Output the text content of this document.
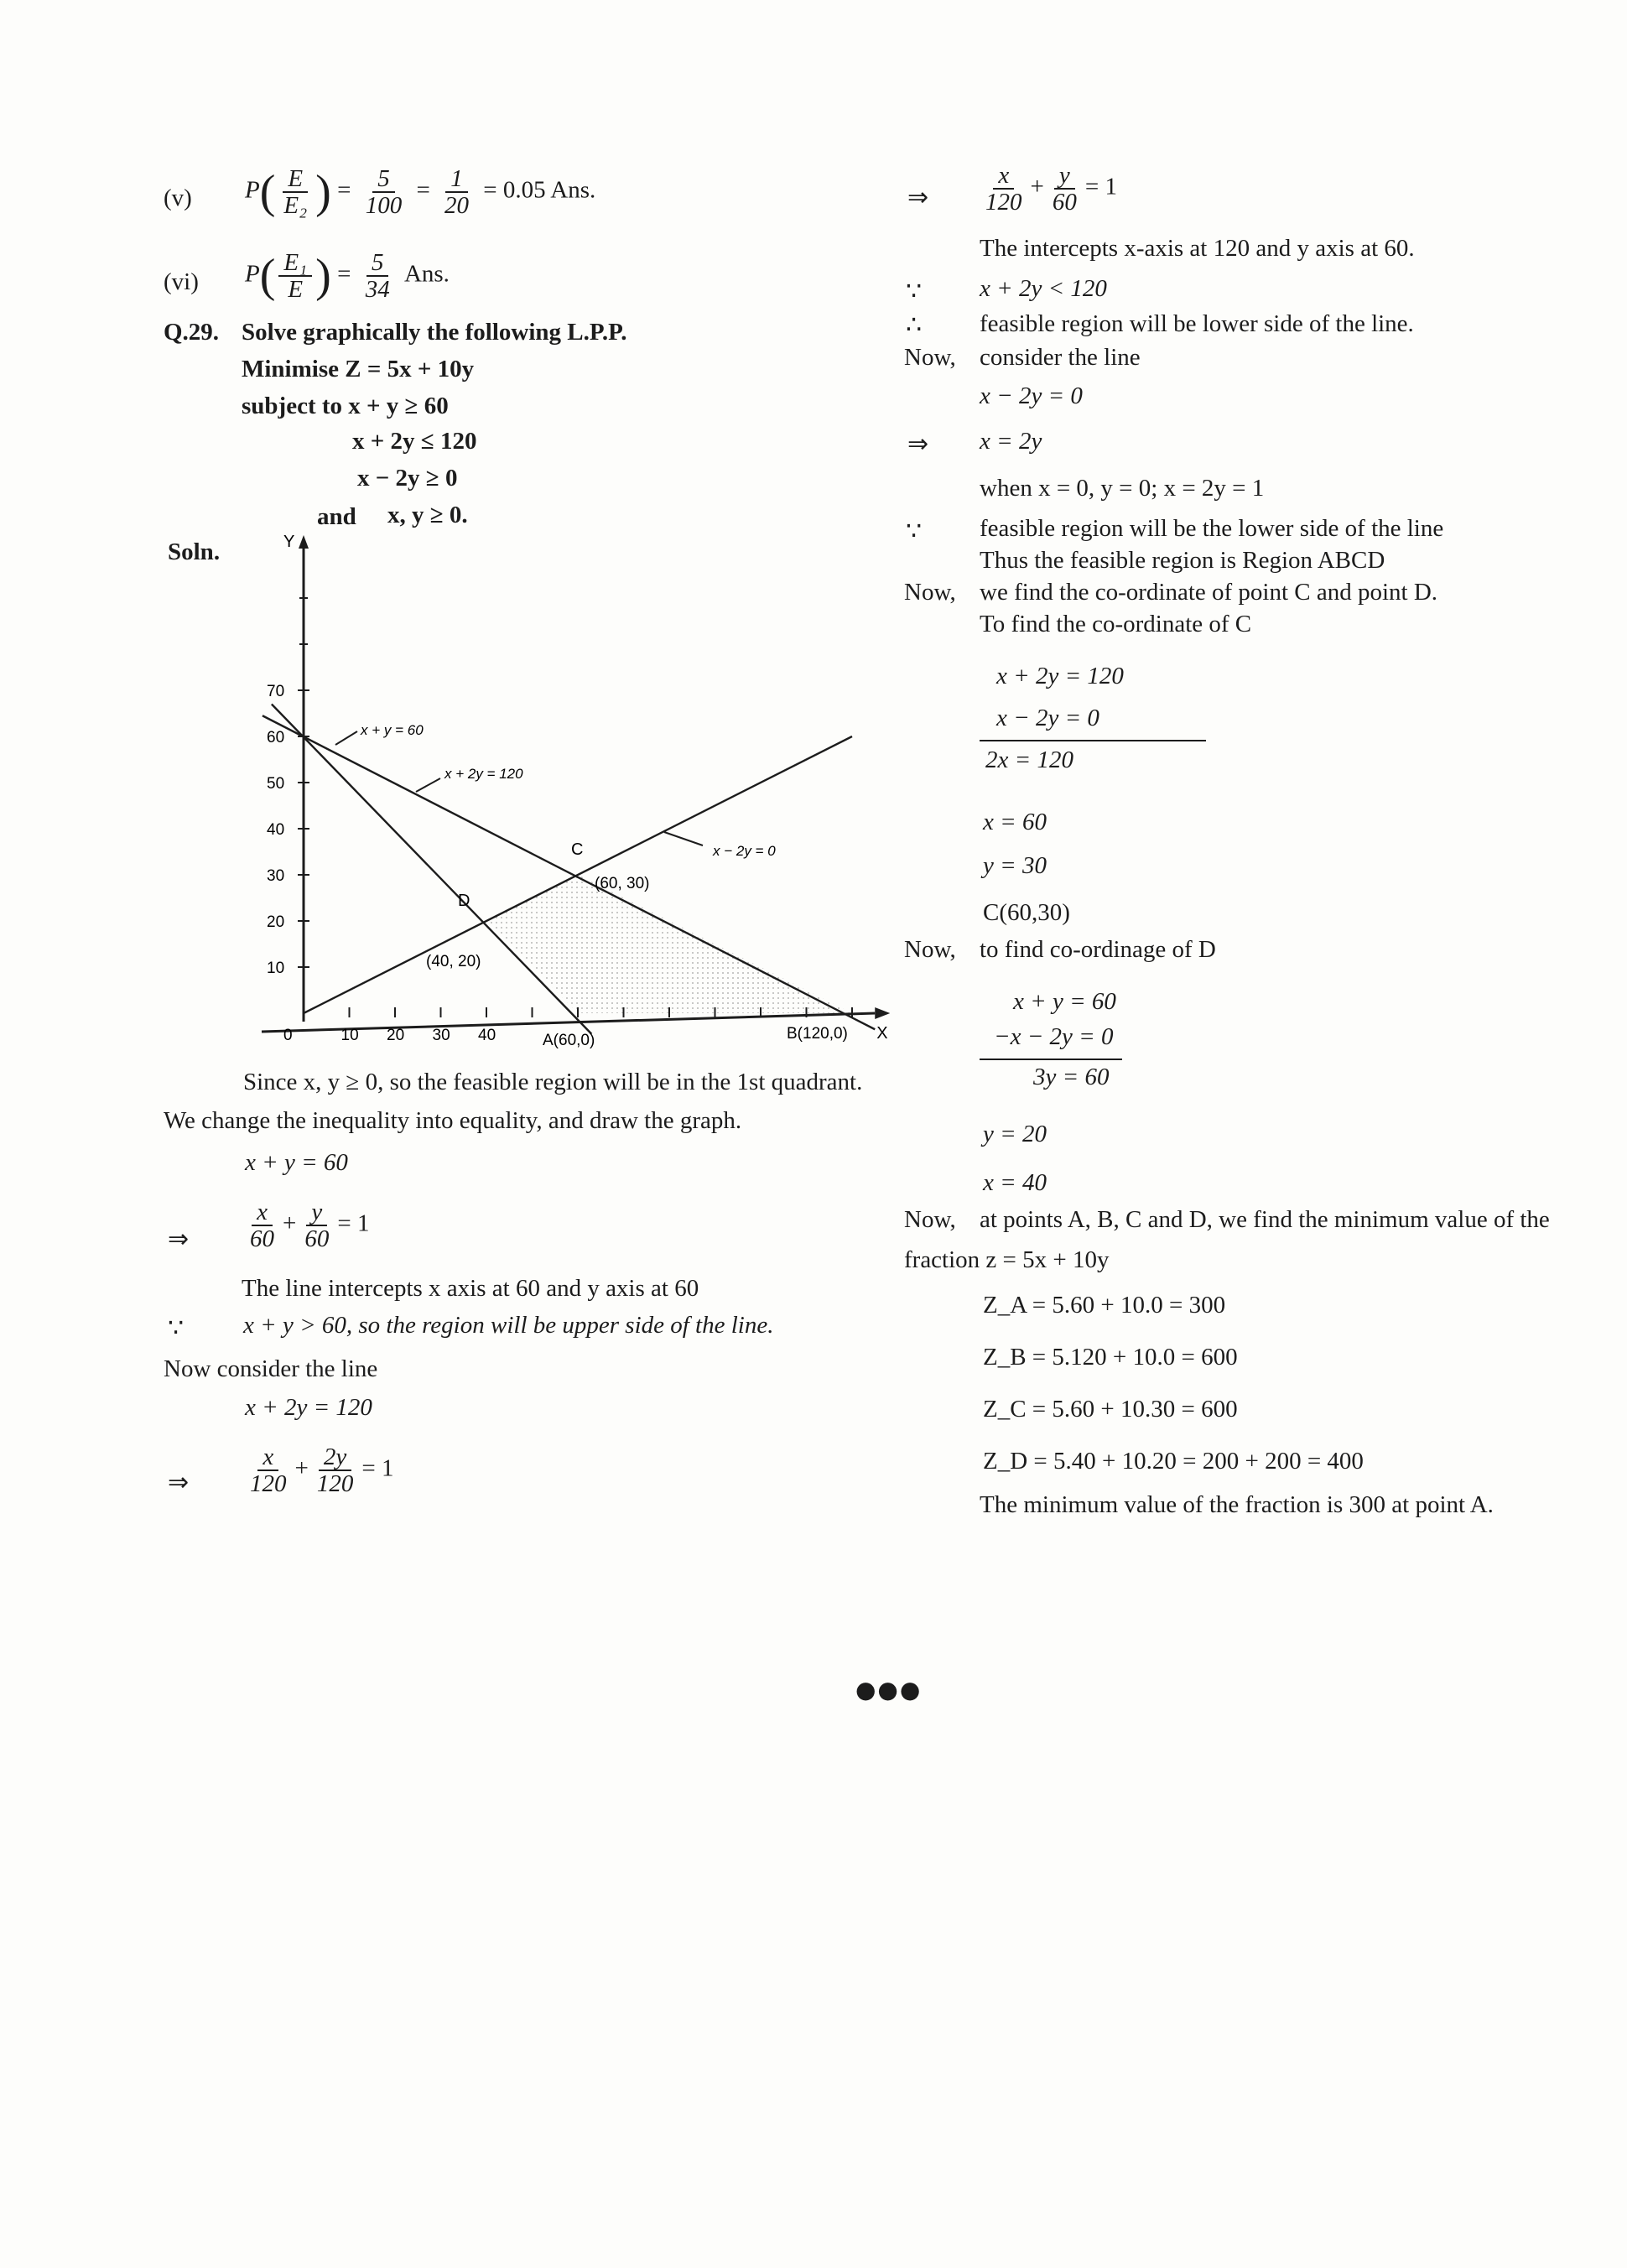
(v) $P( \frac{E}{\text{E₂}}$ ) = $\frac{5}{100} = \frac{1}{20} = 0.05$ Ans.
(vi) $P( \frac{\text{E₁}}{E}$ ) = $\frac{5}{34}$ Ans.
Q.29. Solve graphically the following L.P.P.
Minimise Z = 5x + 10y
subject to x + y ≥ 60
x + 2y ≤ 120
x − 2y ≥ 0
and x, y ≥ 0.
Soln.	Y
X
10
20
30
40
50
60
70
0	10 20 30 40
x + y = 60
x + 2y = 120
x − 2y = 0
A(60,0)	B(120,0)
C
(60, 30)
D
(40, 20)
Since x, y ≥ 0, so the feasible region will be in the 1st quadrant.
We change the inequality into equality, and draw the graph.
x + y = 60
⇒ $\frac{x}{60} + \frac{y}{60} = 1$
The line intercepts x axis at 60 and y axis at 60
∵ x + y > 60, so the region will be upper side of the line.
Now consider the line
x + 2y = 120
⇒ $\frac{x}{120} + \frac{2y}{120} = 1$
⇒ $\frac{x}{120} + \frac{y}{60} = 1$
The intercepts x-axis at 120 and y axis at 60.
∵ x + 2y < 120
∴ feasible region will be lower side of the line.
Now, consider the line
x − 2y = 0
⇒ x = 2y
when x = 0, y = 0; x = 2y = 1
∵ feasible region will be the lower side of the line
Thus the feasible region is Region ABCD
Now, we find the co-ordinate of point C and point D.
To find the co-ordinate of C
x + 2y = 120
x − 2y = 0
2x = 120
x = 60
y = 30
C(60,30)
Now, to find co-ordinage of D
x + y = 60
−x − 2y = 0
3y = 60
y = 20
x = 40
Now, at points A, B, C and D, we find the minimum value of the
fraction z = 5x + 10y
Z_A = 5.60 + 10.0 = 300
Z_B = 5.120 + 10.0 = 600
Z_C = 5.60 + 10.30 = 600
Z_D = 5.40 + 10.20 = 200 + 200 = 400
The minimum value of the fraction is 300 at point A.
●●●
